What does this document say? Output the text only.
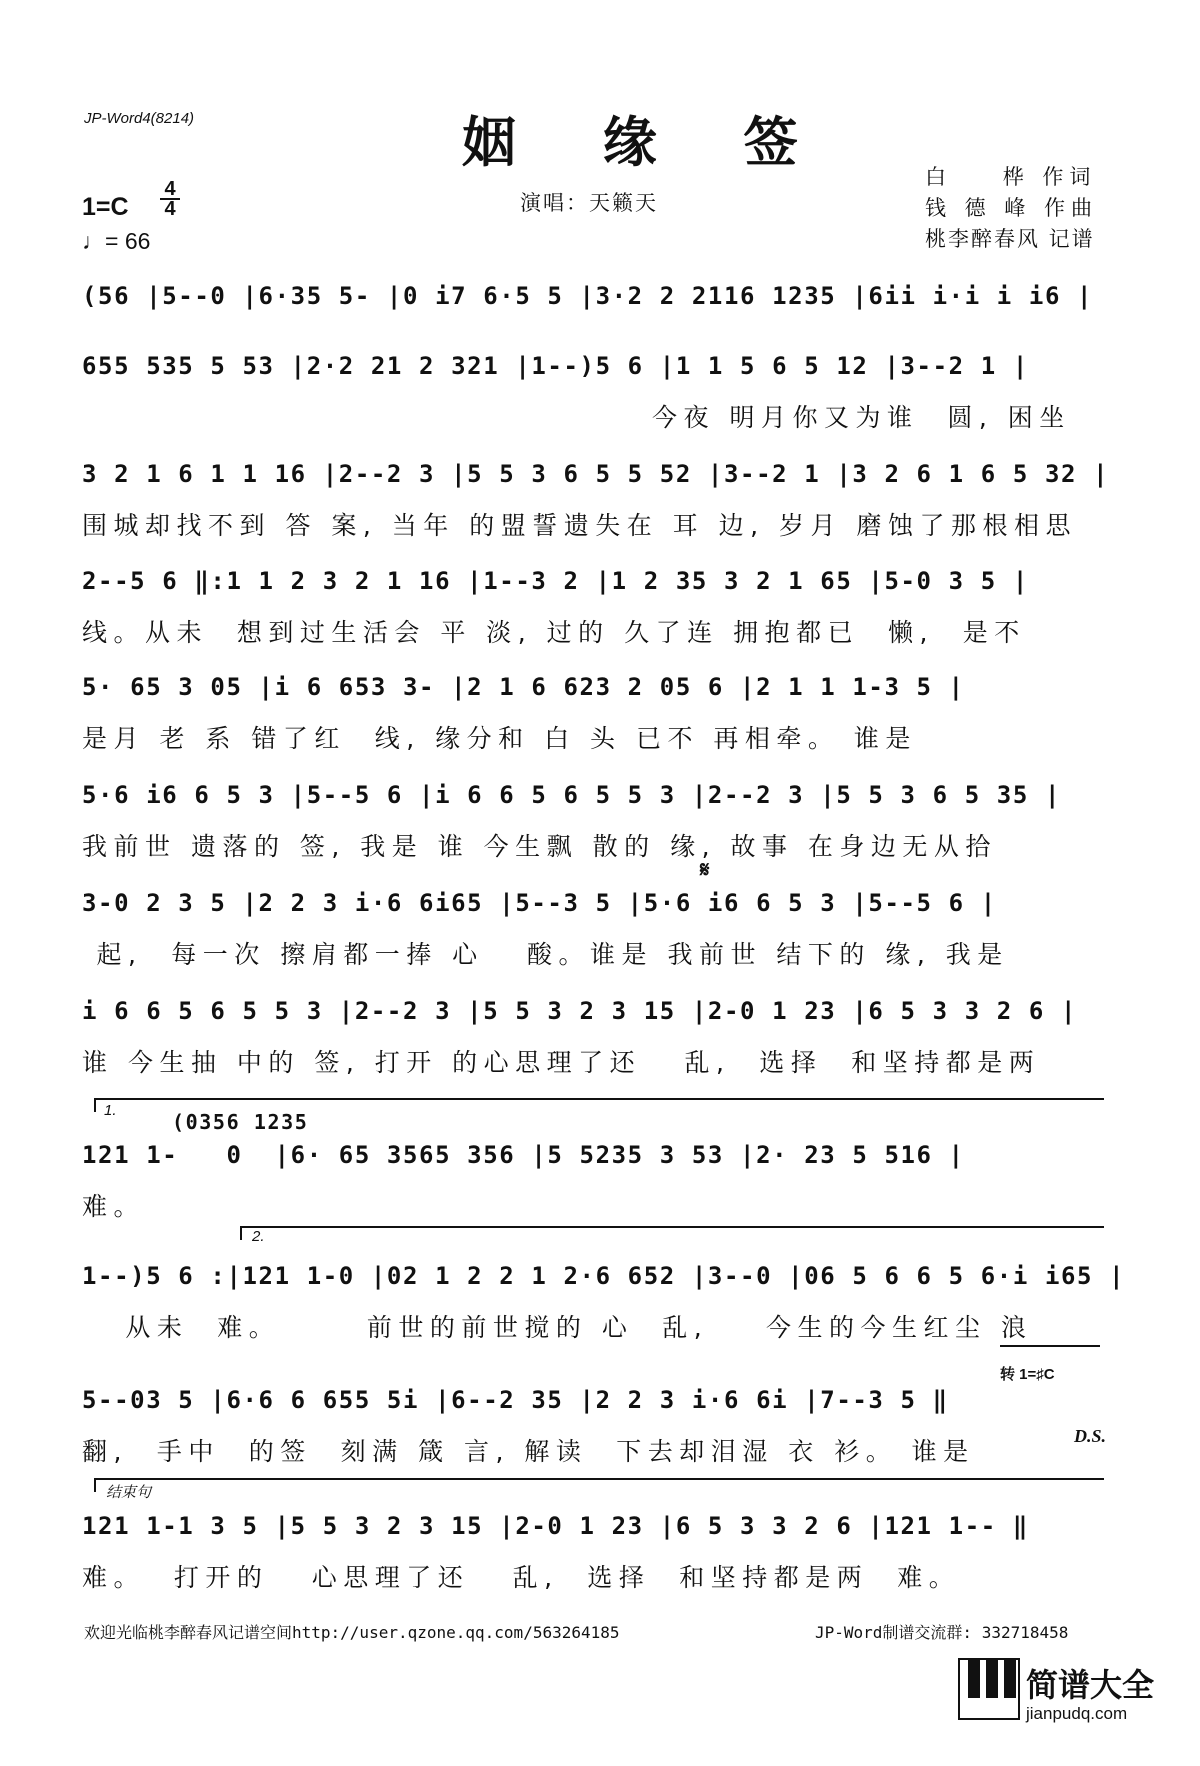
JP-Word4(8214)	姻 缘 签
1=C
4
4
♩= 66
演唱：天籁天
白    桦 作词
钱 德 峰 作曲
桃李醉春风 记谱
(56 |5--0 |6·35 5- |0 i7 6·5 5 |3·2 2 2116 1235 |6ii i·i i i6 |
655 535 5 53 |2·2 21 2 321 |1--)5 6 |1 1 5 6 5 12 |3--2 1 |
今夜 明月你又为谁  圆, 困坐
3 2 1 6 1 1 16 |2--2 3 |5 5 3 6 5 5 52 |3--2 1 |3 2 6 1 6 5 32 |
围城却找不到 答 案, 当年 的盟誓遗失在 耳 边, 岁月 磨蚀了那根相思
2--5 6 ‖:1 1 2 3 2 1 16 |1--3 2 |1 2 35 3 2 1 65 |5-0 3 5 |
线。从未  想到过生活会 平 淡, 过的 久了连 拥抱都已  懒,  是不
5· 65 3 05 |i 6 653 3- |2 1 6 623 2 05 6 |2 1 1 1-3 5 |
是月 老 系 错了红  线, 缘分和 白 头 已不 再相牵。 谁是
5·6 i6 6 5 3 |5--5 6 |i 6 6 5 6 5 5 3 |2--2 3 |5 5 3 6 5 35 |
我前世 遗落的 签, 我是 谁 今生飘 散的 缘, 故事 在身边无从拾
𝄋
3-0 2 3 5 |2 2 3 i·6 6i65 |5--3 5 |5·6 i6 6 5 3 |5--5 6 |
起,  每一次 擦肩都一捧 心   酸。谁是 我前世 结下的 缘, 我是
i 6 6 5 6 5 5 3 |2--2 3 |5 5 3 2 3 15 |2-0 1 23 |6 5 3 3 2 6 |
谁 今生抽 中的 签, 打开 的心思理了还   乱,  选择  和坚持都是两
1.	(0356 1235
121 1-   0  |6· 65 3565 356 |5 5235 3 53 |2· 23 5 516 |
难。
2.
1--)5 6 :|121 1-0 |02 1 2 2 1 2·6 652 |3--0 |06 5 6 6 5 6·i i65 |
从未  难。      前世的前世搅的 心  乱,    今生的今生红尘 浪
转 1=♯C
5--03 5 |6·6 6 655 5i |6--2 35 |2 2 3 i·6 6i |7--3 5 ‖
翻,  手中  的签  刻满 箴 言, 解读  下去却泪湿 衣 衫。 谁是
D.S.
结束句
121 1-1 3 5 |5 5 3 2 3 15 |2-0 1 23 |6 5 3 3 2 6 |121 1-- ‖
难。  打开的   心思理了还   乱,  选择  和坚持都是两  难。
欢迎光临桃李醉春风记谱空间http://user.qzone.qq.com/563264185	JP-Word制谱交流群: 332718458
简谱大全
jianpudq.com
